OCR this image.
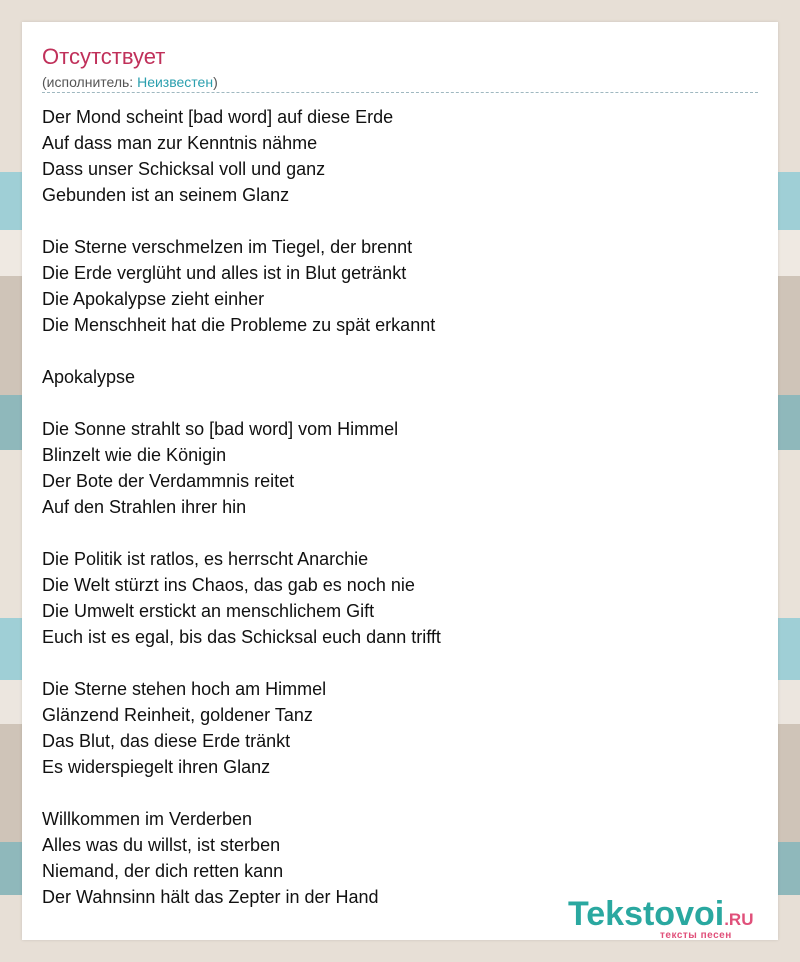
Отсутствует
(исполнитель: Неизвестен)
Der Mond scheint [bad word] auf diese Erde
Auf dass man zur Kenntnis nähme
Dass unser Schicksal voll und ganz
Gebunden ist an seinem Glanz
Die Sterne verschmelzen im Tiegel, der brennt
Die Erde verglüht und alles ist in Blut getränkt
Die Apokalypse zieht einher
Die Menschheit hat die Probleme zu spät erkannt
Apokalypse
Die Sonne strahlt so [bad word] vom Himmel
Blinzelt wie die Königin
Der Bote der Verdammnis reitet
Auf den Strahlen ihrer hin
Die Politik ist ratlos, es herrscht Anarchie
Die Welt stürzt ins Chaos, das gab es noch nie
Die Umwelt erstickt an menschlichem Gift
Euch ist es egal, bis das Schicksal euch dann trifft
Die Sterne stehen hoch am Himmel
Glänzend Reinheit, goldener Tanz
Das Blut, das diese Erde tränkt
Es widerspiegelt ihren Glanz
Willkommen im Verderben
Alles was du willst, ist sterben
Niemand, der dich retten kann
Der Wahnsinn hält das Zepter in der Hand	Tekstovoi.RU
тексты песен
